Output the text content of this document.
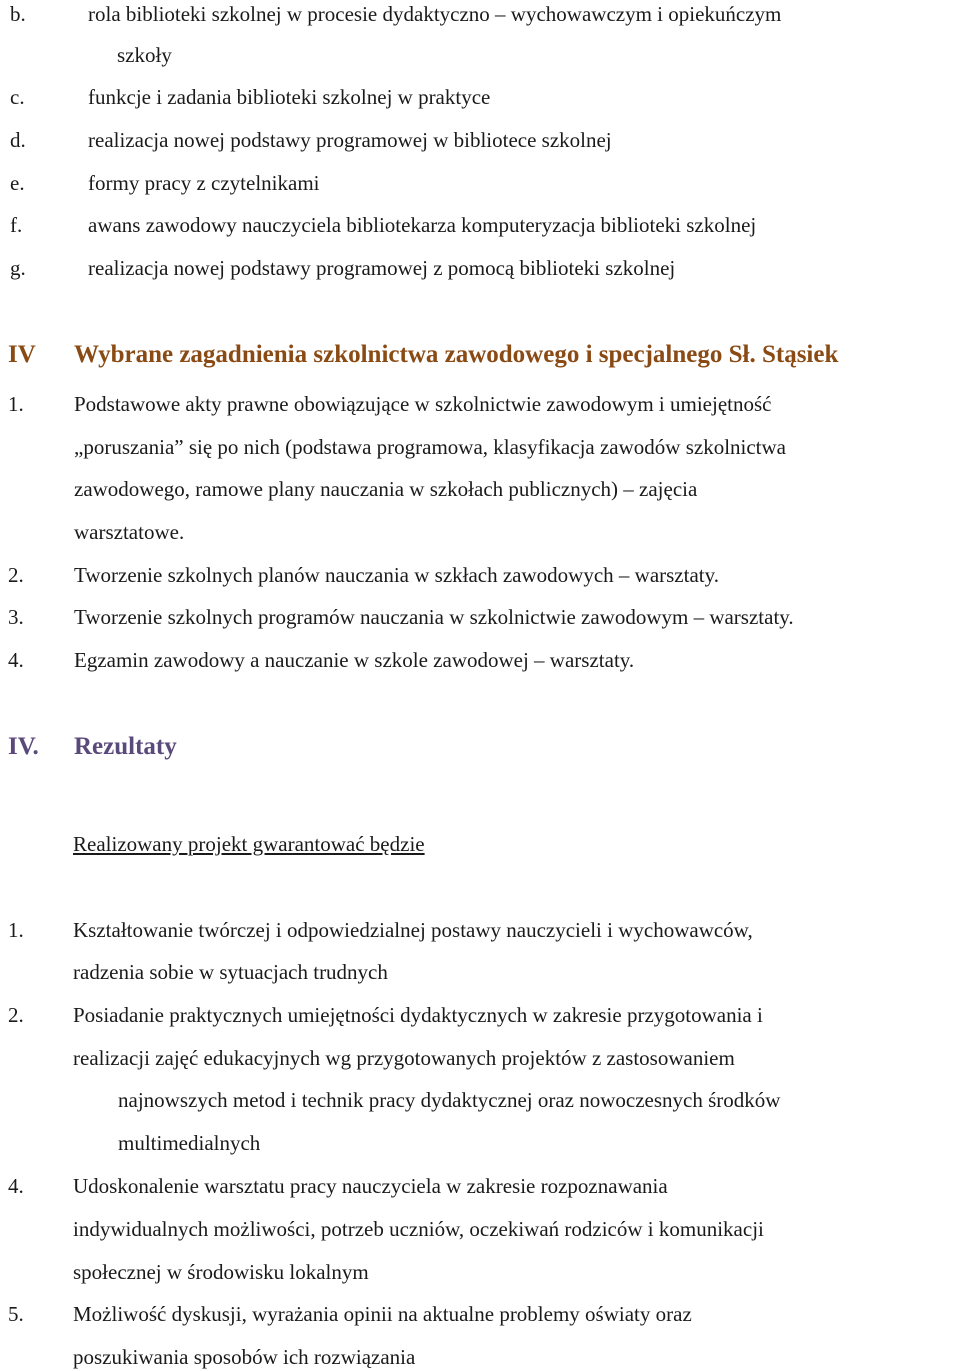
b.	rola biblioteki szkolnej w procesie dydaktyczno – wychowawczym i opiekuńczym
szkoły
c.	funkcje i zadania biblioteki szkolnej w praktyce
d.	realizacja nowej podstawy programowej w bibliotece szkolnej
e.	formy pracy z czytelnikami
f.	awans zawodowy nauczyciela bibliotekarza komputeryzacja biblioteki szkolnej
g.	realizacja nowej podstawy programowej z pomocą biblioteki szkolnej
IV Wybrane zagadnienia szkolnictwa zawodowego i specjalnego Sł. Stąsiek
1. Podstawowe akty prawne obowiązujące w szkolnictwie zawodowym i umiejętność
„poruszania” się po nich (podstawa programowa, klasyfikacja zawodów szkolnictwa
zawodowego, ramowe plany nauczania w szkołach publicznych) – zajęcia
warsztatowe.
2. Tworzenie szkolnych planów nauczania w szkłach zawodowych – warsztaty.
3. Tworzenie szkolnych programów nauczania w szkolnictwie zawodowym – warsztaty.
4. Egzamin zawodowy a nauczanie w szkole zawodowej – warsztaty.
IV. Rezultaty
Realizowany projekt gwarantować będzie
1. Kształtowanie twórczej i odpowiedzialnej postawy nauczycieli i wychowawców,
radzenia sobie w sytuacjach trudnych
2. Posiadanie praktycznych umiejętności dydaktycznych w zakresie przygotowania i
realizacji zajęć edukacyjnych wg przygotowanych projektów z zastosowaniem
najnowszych metod i technik pracy dydaktycznej oraz nowoczesnych środków
multimedialnych
4. Udoskonalenie warsztatu pracy nauczyciela w zakresie rozpoznawania
indywidualnych możliwości, potrzeb uczniów, oczekiwań rodziców i komunikacji
społecznej w środowisku lokalnym
5. Możliwość dyskusji, wyrażania opinii na aktualne problemy oświaty oraz
poszukiwania sposobów ich rozwiązania
